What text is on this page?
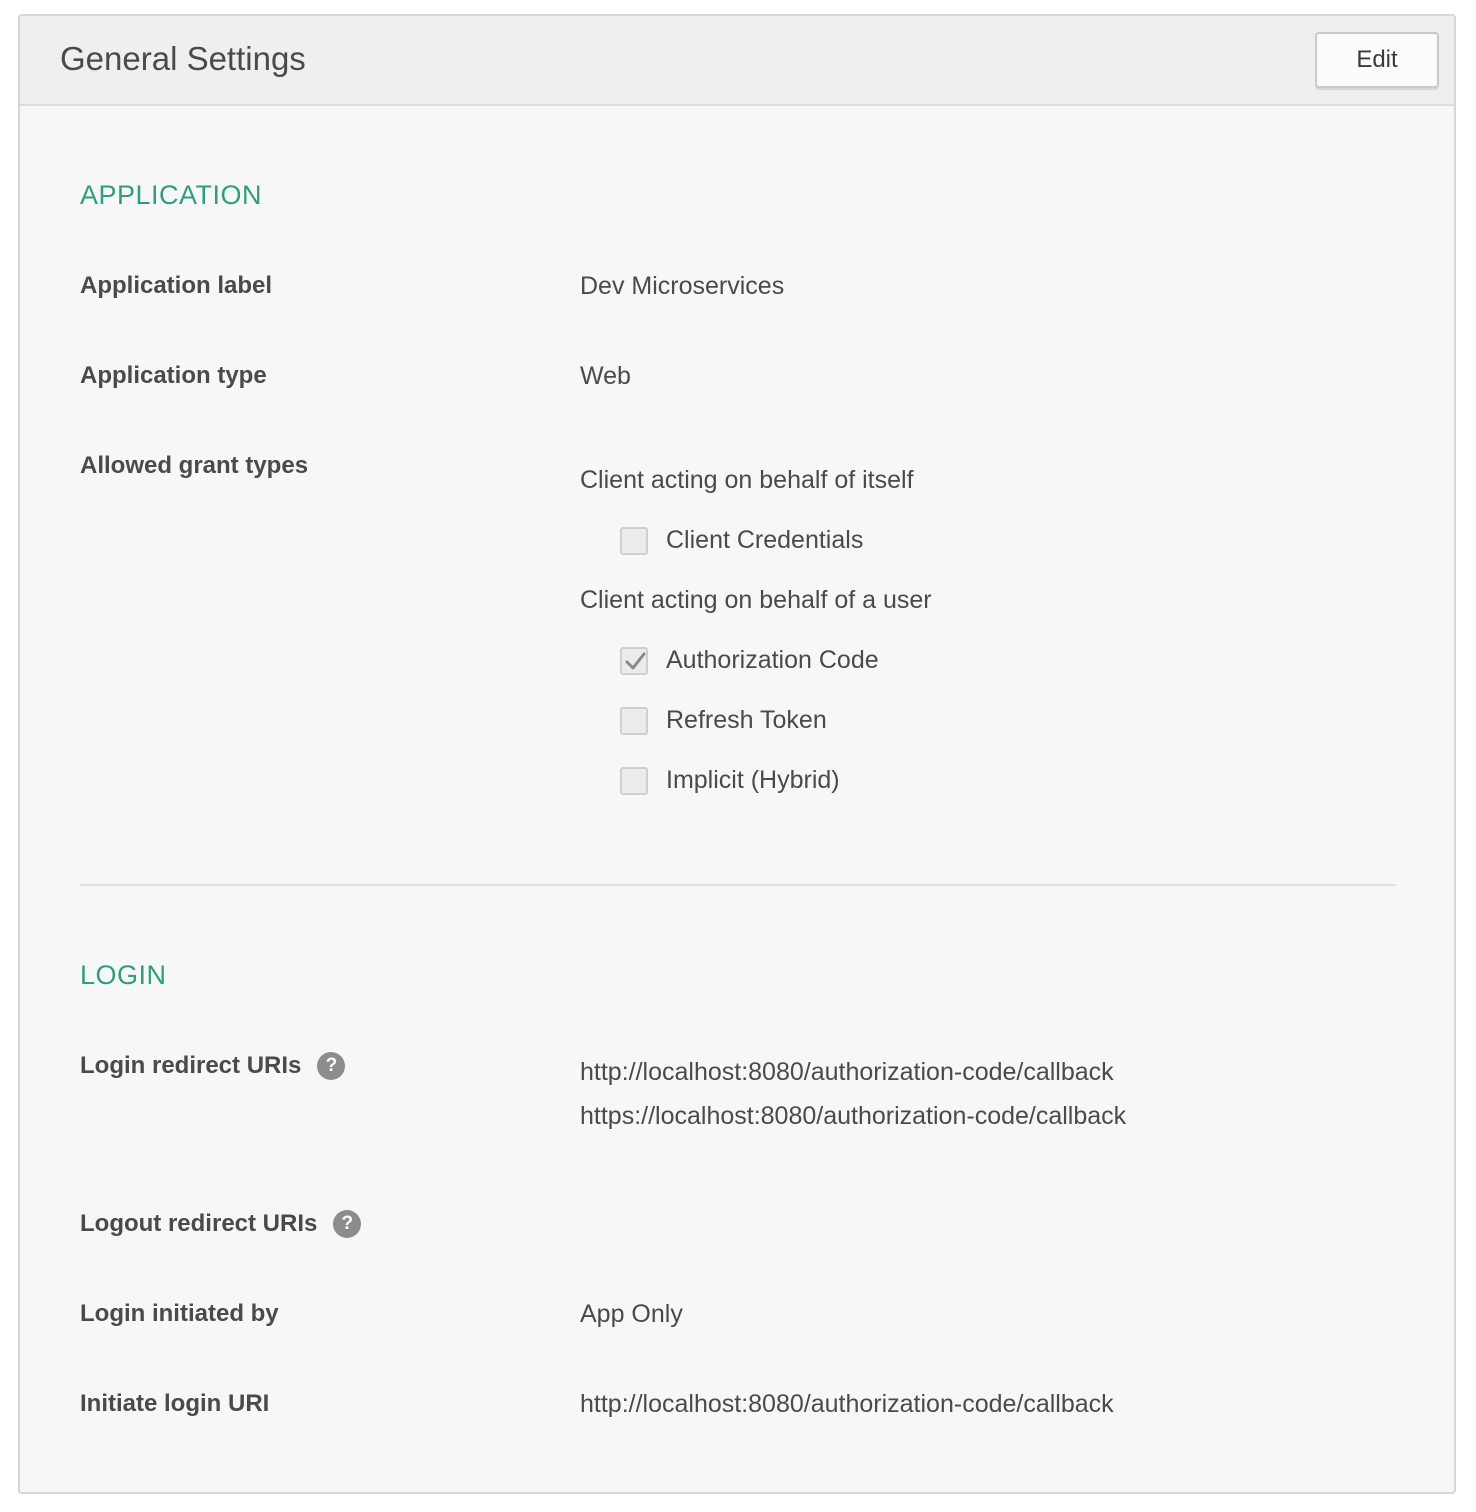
General Settings	Edit
APPLICATION
Application label	Dev Microservices
Application type	Web
Allowed grant types
Client acting on behalf of itself
Client Credentials
Client acting on behalf of a user
Authorization Code
Refresh Token
Implicit (Hybrid)
LOGIN
Login redirect URIs	?	http://localhost:8080/authorization-code/callback
https://localhost:8080/authorization-code/callback
Logout redirect URIs	?
Login initiated by	App Only
Initiate login URI	http://localhost:8080/authorization-code/callback
